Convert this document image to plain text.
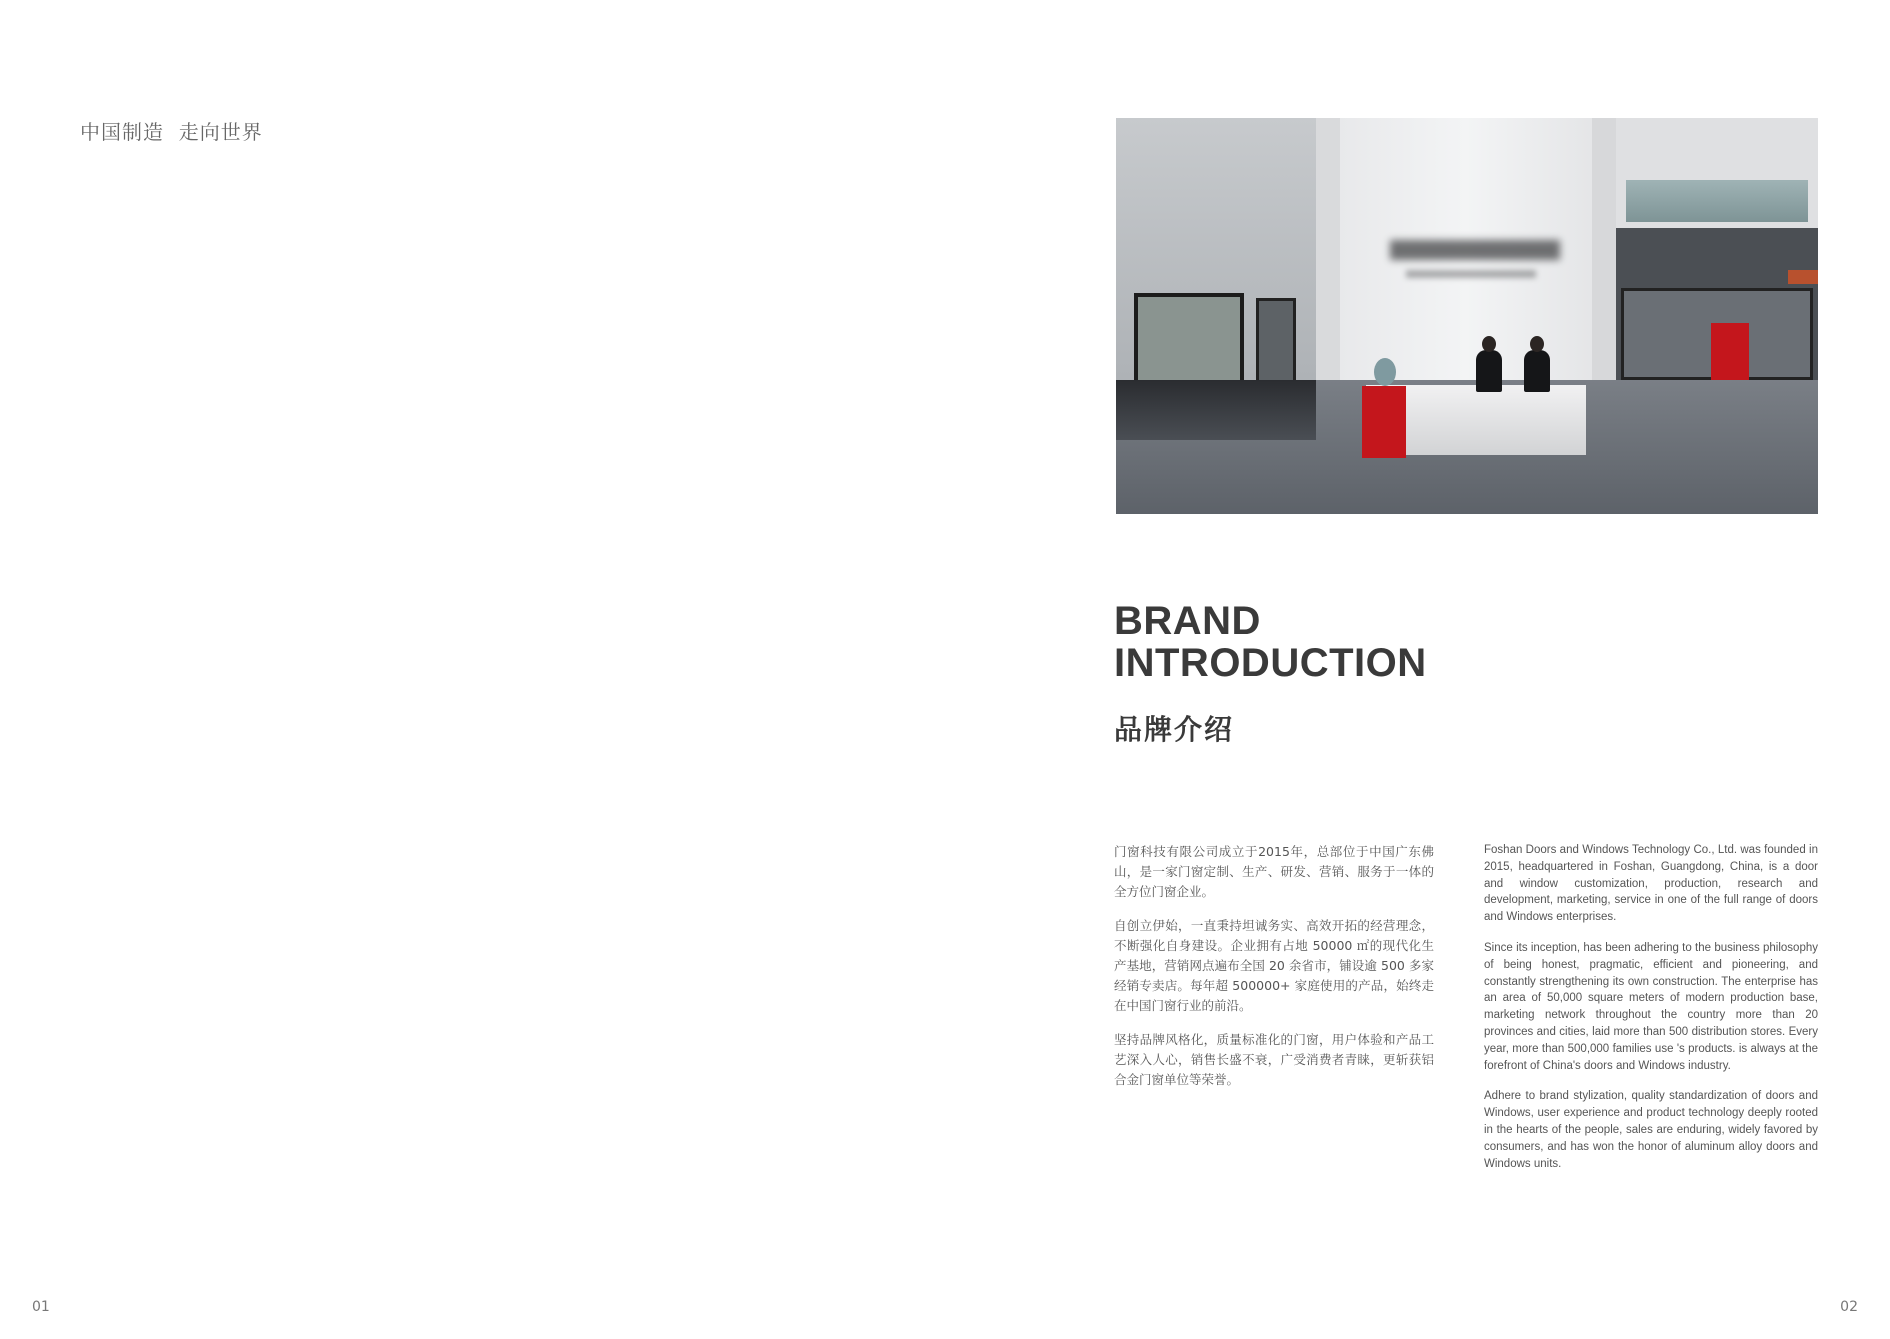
中国制造  走向世界
BRAND
INTRODUCTION
品牌介绍

门窗科技有限公司成立于2015年，总部位于中国广东佛山，是一家门窗定制、生产、研发、营销、服务于一体的全方位门窗企业。

自创立伊始，一直秉持坦诚务实、高效开拓的经营理念，不断强化自身建设。企业拥有占地 50000 ㎡的现代化生产基地，营销网点遍布全国 20 余省市，铺设逾 500 多家经销专卖店。每年超 500000+ 家庭使用的产品，始终走在中国门窗行业的前沿。

坚持品牌风格化，质量标准化的门窗，用户体验和产品工艺深入人心，销售长盛不衰，广受消费者青睐，更斩获铝合金门窗单位等荣誉。

Foshan Doors and Windows Technology Co., Ltd. was founded in 2015, headquartered in Foshan, Guangdong, China, is a door and window customization, production, research and development, marketing, service in one of the full range of doors and Windows enterprises.

Since its inception, has been adhering to the business philosophy of being honest, pragmatic, efficient and pioneering, and constantly strengthening its own construction. The enterprise has an area of 50,000 square meters of modern production base, marketing network throughout the country more than 20 provinces and cities, laid more than 500 distribution stores. Every year, more than 500,000 families use 's products. is always at the forefront of China's doors and Windows industry.

Adhere to brand stylization, quality standardization of doors and Windows, user experience and product technology deeply rooted in the hearts of the people, sales are enduring, widely favored by consumers, and has won the honor of aluminum alloy doors and Windows units.

01	02
